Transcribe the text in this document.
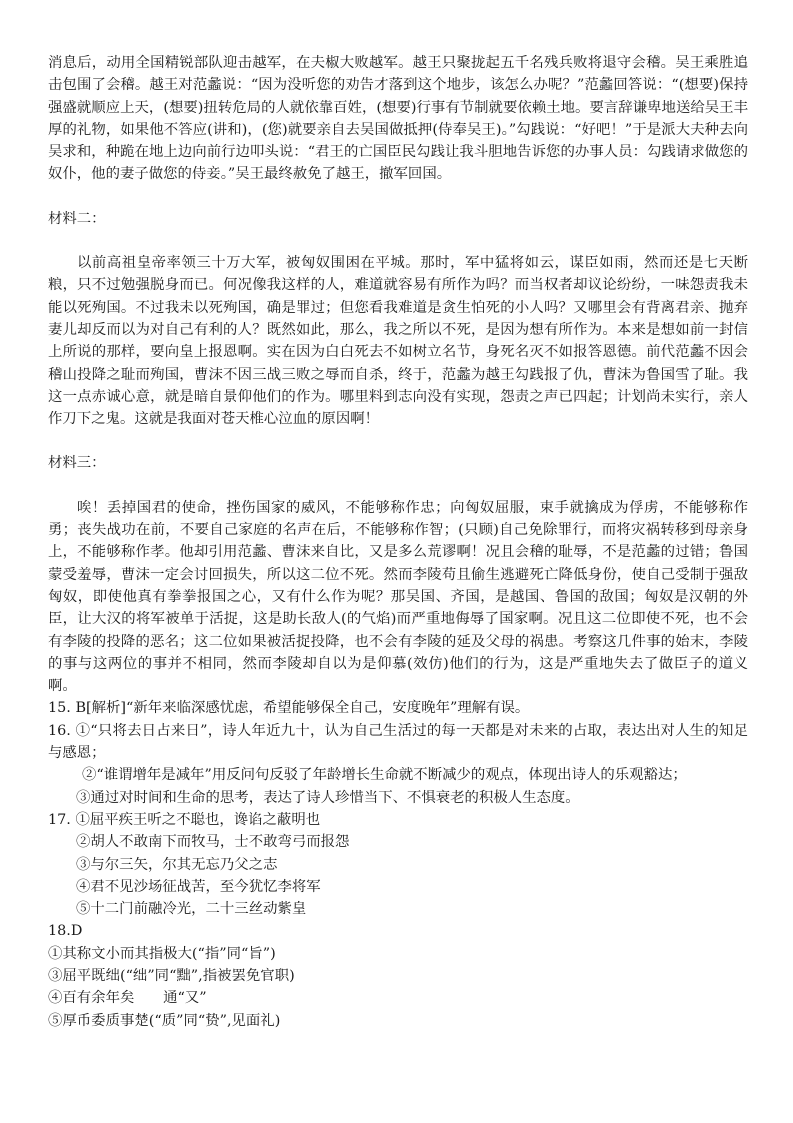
消息后，动用全国精锐部队迎击越军，在夫椒大败越军。越王只聚拢起五千名残兵败将退守会稽。吴王乘胜追击包围了会稽。越王对范蠡说：“因为没听您的劝告才落到这个地步，该怎么办呢？”范蠡回答说：“(想要)保持强盛就顺应上天，(想要)扭转危局的人就依靠百姓，(想要)行事有节制就要依赖土地。要言辞谦卑地送给吴王丰厚的礼物，如果他不答应(讲和)，(您)就要亲自去吴国做抵押(侍奉吴王)。”勾践说：“好吧！”于是派大夫种去向吴求和，种跪在地上边向前行边叩头说：“君王的亡国臣民勾践让我斗胆地告诉您的办事人员：勾践请求做您的奴仆，他的妻子做您的侍妾。”吴王最终赦免了越王，撤军回国。

材料二：

以前高祖皇帝率领三十万大军，被匈奴围困在平城。那时，军中猛将如云，谋臣如雨，然而还是七天断粮，只不过勉强脱身而已。何况像我这样的人，难道就容易有所作为吗？而当权者却议论纷纷，一味怨责我未能以死殉国。不过我未以死殉国，确是罪过；但您看我难道是贪生怕死的小人吗？又哪里会有背离君亲、抛弃妻儿却反而以为对自己有利的人？既然如此，那么，我之所以不死，是因为想有所作为。本来是想如前一封信上所说的那样，要向皇上报恩啊。实在因为白白死去不如树立名节，身死名灭不如报答恩德。前代范蠡不因会稽山投降之耻而殉国，曹沫不因三战三败之辱而自杀，终于，范蠡为越王勾践报了仇，曹沫为鲁国雪了耻。我这一点赤诚心意，就是暗自景仰他们的作为。哪里料到志向没有实现，怨责之声已四起；计划尚未实行，亲人作刀下之鬼。这就是我面对苍天椎心泣血的原因啊！

材料三：

唉！丢掉国君的使命，挫伤国家的威风，不能够称作忠；向匈奴屈服，束手就擒成为俘虏，不能够称作勇；丧失战功在前，不要自己家庭的名声在后，不能够称作智；(只顾)自己免除罪行，而将灾祸转移到母亲身上，不能够称作孝。他却引用范蠡、曹沫来自比，又是多么荒谬啊！况且会稽的耻辱，不是范蠡的过错；鲁国蒙受羞辱，曹沫一定会讨回损失，所以这二位不死。然而李陵苟且偷生逃避死亡降低身份，使自己受制于强敌匈奴，即使他真有拳拳报国之心，又有什么作为呢？那吴国、齐国，是越国、鲁国的敌国；匈奴是汉朝的外臣，让大汉的将军被单于活捉，这是助长敌人(的气焰)而严重地侮辱了国家啊。况且这二位即使不死，也不会有李陵的投降的恶名；这二位如果被活捉投降，也不会有李陵的延及父母的祸患。考察这几件事的始末，李陵的事与这两位的事并不相同，然而李陵却自以为是仰慕(效仿)他们的行为，这是严重地失去了做臣子的道义啊。

15. B[解析]“新年来临深感忧虑，希望能够保全自己，安度晚年”理解有误。

16. ①“只将去日占来日”，诗人年近九十，认为自己生活过的每一天都是对未来的占取，表达出对人生的知足与感恩；

②“谁谓增年是减年”用反问句反驳了年龄增长生命就不断减少的观点，体现出诗人的乐观豁达；

③通过对时间和生命的思考，表达了诗人珍惜当下、不惧衰老的积极人生态度。

17. ①屈平疾王听之不聪也，谗谄之蔽明也

②胡人不敢南下而牧马，士不敢弯弓而报怨

③与尔三矢，尔其无忘乃父之志

④君不见沙场征战苦，至今犹忆李将军

⑤十二门前融冷光，二十三丝动紫皇

18.D

①其称文小而其指极大(“指”同“旨”)

③屈平既绌(“绌”同“黜”,指被罢免官职)

④百有余年矣　　通“又”

⑤厚币委质事楚(“质”同“贽”,见面礼)
